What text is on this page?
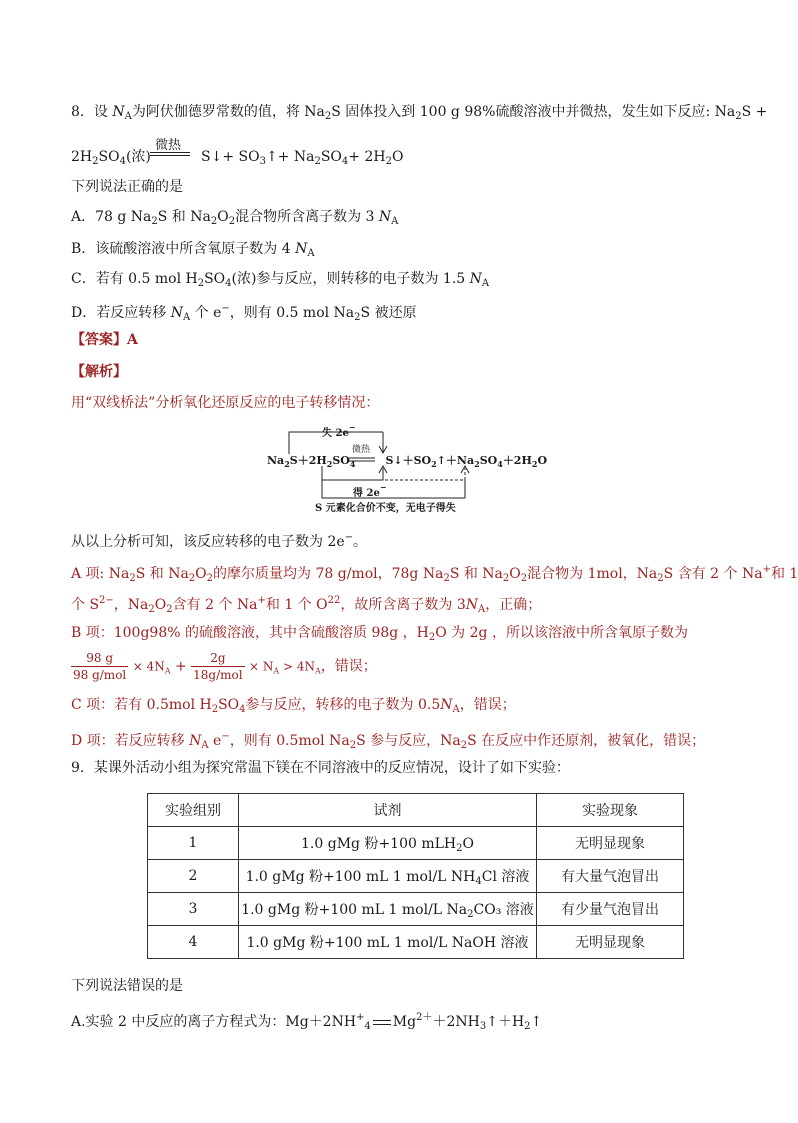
8．设 $N_A$为阿伏伽德罗常数的值，将 $Na_2S$ 固体投入到 100 g 98%硫酸溶液中并微热，发生如下反应: $Na_2S$ +
微热
$2H_2SO_4$(浓)	S↓+ $SO_3↑+ Na_2SO_4+ 2H_2O$
下列说法正确的是
A．78 g $Na_2S$ 和 $Na_2O_2$混合物所含离子数为 3 $N_A$
B．该硫酸溶液中所含氧原子数为 4 $N_A$
C．若有 0.5 mol $H_2SO_4$(浓)参与反应，则转移的电子数为 1.5 $N_A$
D．若反应转移 $N_A$ 个 e−，则有 0.5 mol $Na_2S$ 被还原
【答案】A
【解析】
用“双线桥法”分析氧化还原反应的电子转移情况：
失 2e−
微热
$Na_2S+2H_2SO_4$	$S↓+SO_2↑+Na_2SO_4+2H_2O$
得 2e−
S 元素化合价不变，无电子得失
从以上分析可知，该反应转移的电子数为 2e−。
A 项: $Na_2S$ 和 $Na_2O_2$的摩尔质量均为 78 g/mol，78g $Na_2S$ 和 $Na_2O_2$混合物为 1mol，$Na_2S$ 含有 2 个 Na+和 1
个 $S^{2-}$，$Na_2O_2$含有 2 个 Na+和 1 个 $O^{22}$，故所含离子数为 $3N_A$，正确；
B 项：100g98% 的硫酸溶液，其中含硫酸溶质 98g ，$H_2O$ 为 2g ，所以该溶液中所含氧原子数为
$\frac{98 g}{\text{98 g/mol}} \times 4N_A + \frac{2g}{\text{18g/mol}} \times N_A > 4N_A$，错误；
C 项：若有 0.5mol $H_2SO_4$参与反应，转移的电子数为 $0.5N_A$，错误；
D 项：若反应转移 $N_A$ e−，则有 0.5mol $Na_2S$ 参与反应，$Na_2S$ 在反应中作还原剂，被氧化，错误；
9．某课外活动小组为探究常温下镁在不同溶液中的反应情况，设计了如下实验：
实验组别	试剂	实验现象
1	1.0 gMg 粉+100 mLH$_2$O	无明显现象
2	1.0 gMg 粉+100 mL 1 mol/L $NH_4Cl$ 溶液	有大量气泡冒出
3	1.0 gMg 粉+100 mL 1 mol/L $Na_2CO_3$ 溶液	有少量气泡冒出
4	1.0 gMg 粉+100 mL 1 mol/L NaOH 溶液	无明显现象
下列说法错误的是
A.实验 2 中反应的离子方程式为：$Mg+2NH^+_4$ $Mg^{2+}+2NH_3↑+H_2↑$
